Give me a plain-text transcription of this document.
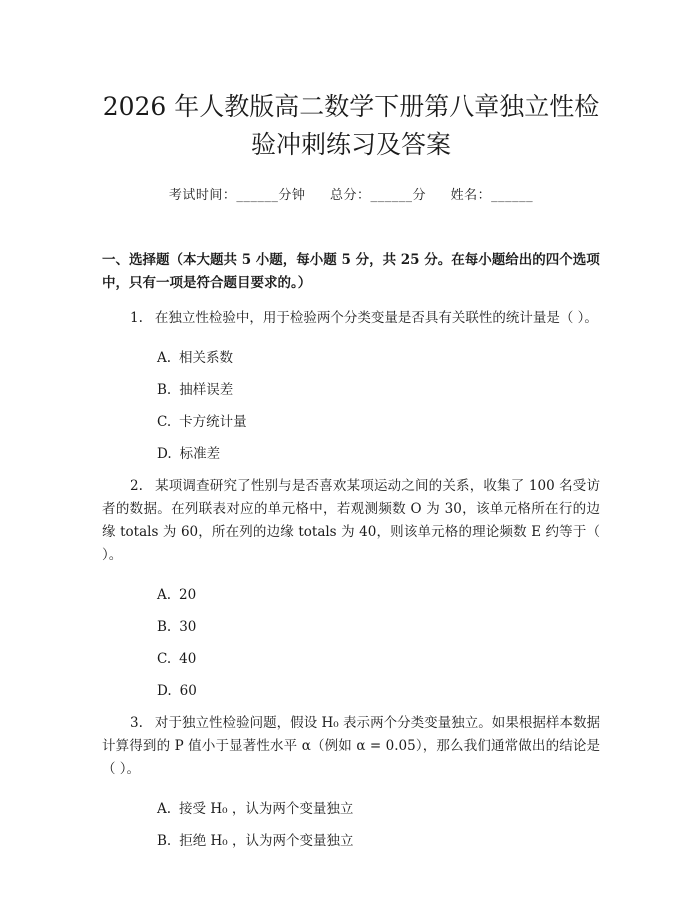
2026 年人教版高二数学下册第八章独立性检
验冲刺练习及答案
考试时间：______分钟 总分：______分 姓名：______
一、选择题（本大题共 5 小题，每小题 5 分，共 25 分。在每小题给出的四个选项中，只有一项是符合题目要求的。）
1. 在独立性检验中，用于检验两个分类变量是否具有关联性的统计量是（ ）。
A. 相关系数
B. 抽样误差
C. 卡方统计量
D. 标准差
2. 某项调查研究了性别与是否喜欢某项运动之间的关系，收集了 100 名受访者的数据。在列联表对应的单元格中，若观测频数 O 为 30，该单元格所在行的边缘 totals 为 60，所在列的边缘 totals 为 40，则该单元格的理论频数 E 约等于（ ）。
A. 20
B. 30
C. 40
D. 60
3. 对于独立性检验问题，假设 H₀ 表示两个分类变量独立。如果根据样本数据计算得到的 P 值小于显著性水平 α（例如 α = 0.05），那么我们通常做出的结论是（ ）。
A. 接受 H₀ ，认为两个变量独立
B. 拒绝 H₀ ，认为两个变量独立
